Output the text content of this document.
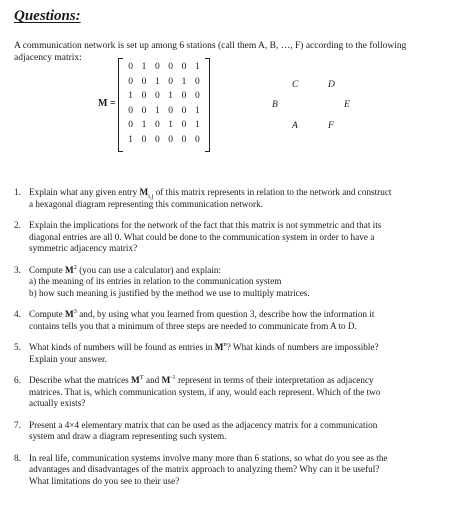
Questions:
A communication network is set up among 6 stations (call them A, B, …, F) according to the following
adjacency matrix:
M =
0 1 0 0 0 1
0 0 1 0 1 0
1 0 0 1 0 0
0 0 1 0 0 1
0 1 0 1 0 1
1 0 0 0 0 0
C	D
B	E
A	F
1. Explain what any given entry $M_{i,j}$ of this matrix represents in relation to the network and construct
a hexagonal diagram representing this communication network.
2. Explain the implications for the network of the fact that this matrix is not symmetric and that its
diagonal entries are all 0. What could be done to the communication system in order to have a
symmetric adjacency matrix?
3. Compute $M^2$ (you can use a calculator) and explain:
a) the meaning of its entries in relation to the communication system
b) how such meaning is justified by the method we use to multiply matrices.
4. Compute $M^3$ and, by using what you learned from question 3, describe how the information it
contains tells you that a minimum of three steps are needed to communicate from A to D.
5. What kinds of numbers will be found as entries in $M^n$? What kinds of numbers are impossible?
Explain your answer.
6. Describe what the matrices $M^T$ and $M^{-1}$ represent in terms of their interpretation as adjacency
matrices. That is, which communication system, if any, would each represent. Which of the two
actually exists?
7. Present a 4×4 elementary matrix that can be used as the adjacency matrix for a communication
system and draw a diagram representing such system.
8. In real life, communication systems involve many more than 6 stations, so what do you see as the
advantages and disadvantages of the matrix approach to analyzing them? Why can it be useful?
What limitations do you see to their use?
